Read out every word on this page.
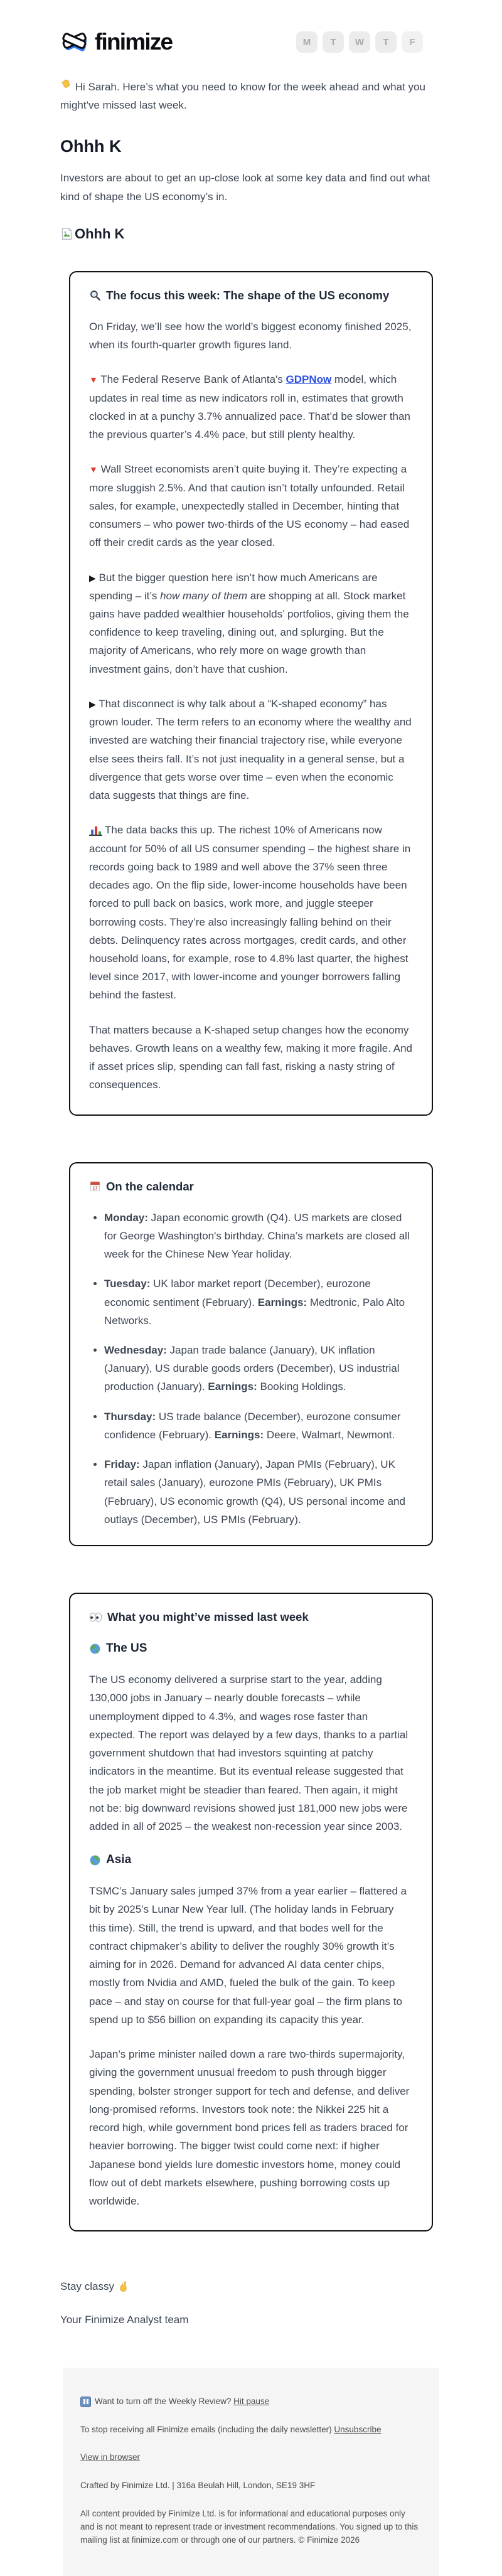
finimize	M	T	W	T	F

Hi Sarah. Here’s what you need to know for the week ahead and what you might've missed last week.

Ohhh K

Investors are about to get an up-close look at some key data and find out what kind of shape the US economy’s in.

Ohhh K
The focus this week: The shape of the US economy

On Friday, we’ll see how the world’s biggest economy finished 2025, when its fourth-quarter growth figures land.

▼ The Federal Reserve Bank of Atlanta's GDPNow model, which updates in real time as new indicators roll in, estimates that growth clocked in at a punchy 3.7% annualized pace. That’d be slower than the previous quarter’s 4.4% pace, but still plenty healthy.

▼ Wall Street economists aren’t quite buying it. They’re expecting a more sluggish 2.5%. And that caution isn’t totally unfounded. Retail sales, for example, unexpectedly stalled in December, hinting that consumers – who power two-thirds of the US economy – had eased off their credit cards as the year closed.

▶ But the bigger question here isn’t how much Americans are spending – it’s how many of them are shopping at all. Stock market gains have padded wealthier households’ portfolios, giving them the confidence to keep traveling, dining out, and splurging. But the majority of Americans, who rely more on wage growth than investment gains, don’t have that cushion.

▶ That disconnect is why talk about a “K-shaped economy” has grown louder. The term refers to an economy where the wealthy and invested are watching their financial trajectory rise, while everyone else sees theirs fall. It’s not just inequality in a general sense, but a divergence that gets worse over time – even when the economic data suggests that things are fine.

The data backs this up. The richest 10% of Americans now account for 50% of all US consumer spending – the highest share in records going back to 1989 and well above the 37% seen three decades ago. On the flip side, lower-income households have been forced to pull back on basics, work more, and juggle steeper borrowing costs. They’re also increasingly falling behind on their debts. Delinquency rates across mortgages, credit cards, and other household loans, for example, rose to 4.8% last quarter, the highest level since 2017, with lower-income and younger borrowers falling behind the fastest.

That matters because a K-shaped setup changes how the economy behaves. Growth leans on a wealthy few, making it more fragile. And if asset prices slip, spending can fall fast, risking a nasty string of consequences.

17 On the calendar
• Monday: Japan economic growth (Q4). US markets are closed for George Washington's birthday. China’s markets are closed all week for the Chinese New Year holiday.
• Tuesday: UK labor market report (December), eurozone economic sentiment (February). Earnings: Medtronic, Palo Alto Networks.
• Wednesday: Japan trade balance (January), UK inflation (January), US durable goods orders (December), US industrial production (January). Earnings: Booking Holdings.
• Thursday: US trade balance (December), eurozone consumer confidence (February). Earnings: Deere, Walmart, Newmont.
• Friday: Japan inflation (January), Japan PMIs (February), UK retail sales (January), eurozone PMIs (February), UK PMIs (February), US economic growth (Q4), US personal income and outlays (December), US PMIs (February).
What you might’ve missed last week
The US

The US economy delivered a surprise start to the year, adding 130,000 jobs in January – nearly double forecasts – while unemployment dipped to 4.3%, and wages rose faster than expected. The report was delayed by a few days, thanks to a partial government shutdown that had investors squinting at patchy indicators in the meantime. But its eventual release suggested that the job market might be steadier than feared. Then again, it might not be: big downward revisions showed just 181,000 new jobs were added in all of 2025 – the weakest non-recession year since 2003.

Asia

TSMC’s January sales jumped 37% from a year earlier – flattered a bit by 2025’s Lunar New Year lull. (The holiday lands in February this time). Still, the trend is upward, and that bodes well for the contract chipmaker’s ability to deliver the roughly 30% growth it’s aiming for in 2026. Demand for advanced AI data center chips, mostly from Nvidia and AMD, fueled the bulk of the gain. To keep pace – and stay on course for that full-year goal – the firm plans to spend up to $56 billion on expanding its capacity this year.

Japan’s prime minister nailed down a rare two-thirds supermajority, giving the government unusual freedom to push through bigger spending, bolster stronger support for tech and defense, and deliver long-promised reforms. Investors took note: the Nikkei 225 hit a record high, while government bond prices fell as traders braced for heavier borrowing. The bigger twist could come next: if higher Japanese bond yields lure domestic investors home, money could flow out of debt markets elsewhere, pushing borrowing costs up worldwide.

Stay classy

Your Finimize Analyst team

Want to turn off the Weekly Review? Hit pause

To stop receiving all Finimize emails (including the daily newsletter) Unsubscribe

View in browser

Crafted by Finimize Ltd. | 316a Beulah Hill, London, SE19 3HF

All content provided by Finimize Ltd. is for informational and educational purposes only and is not meant to represent trade or investment recommendations. You signed up to this mailing list at finimize.com or through one of our partners. © Finimize 2026
